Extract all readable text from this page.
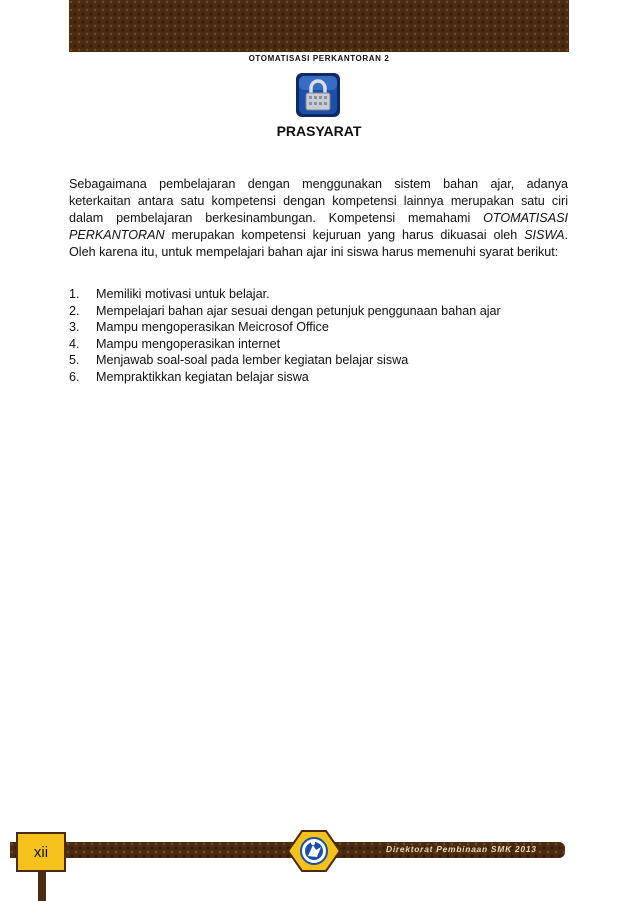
OTOMATISASI PERKANTORAN 2
PRASYARAT

Sebagaimana pembelajaran dengan menggunakan sistem bahan ajar, adanya keterkaitan antara satu kompetensi dengan kompetensi lainnya merupakan satu ciri dalam pembelajaran berkesinambungan. Kompetensi memahami OTOMATISASI PERKANTORAN merupakan kompetensi kejuruan yang harus dikuasai oleh SISWA. Oleh karena itu, untuk mempelajari bahan ajar ini siswa harus memenuhi syarat berikut:

1.	Memiliki motivasi untuk belajar.
2.	Mempelajari bahan ajar sesuai dengan petunjuk penggunaan bahan ajar
3.	Mampu mengoperasikan Meicrosof Office
4.	Mampu mengoperasikan internet
5.	Menjawab soal-soal pada lember kegiatan belajar siswa
6.	Mempraktikkan kegiatan belajar siswa
xii	Direktorat Pembinaan SMK 2013
